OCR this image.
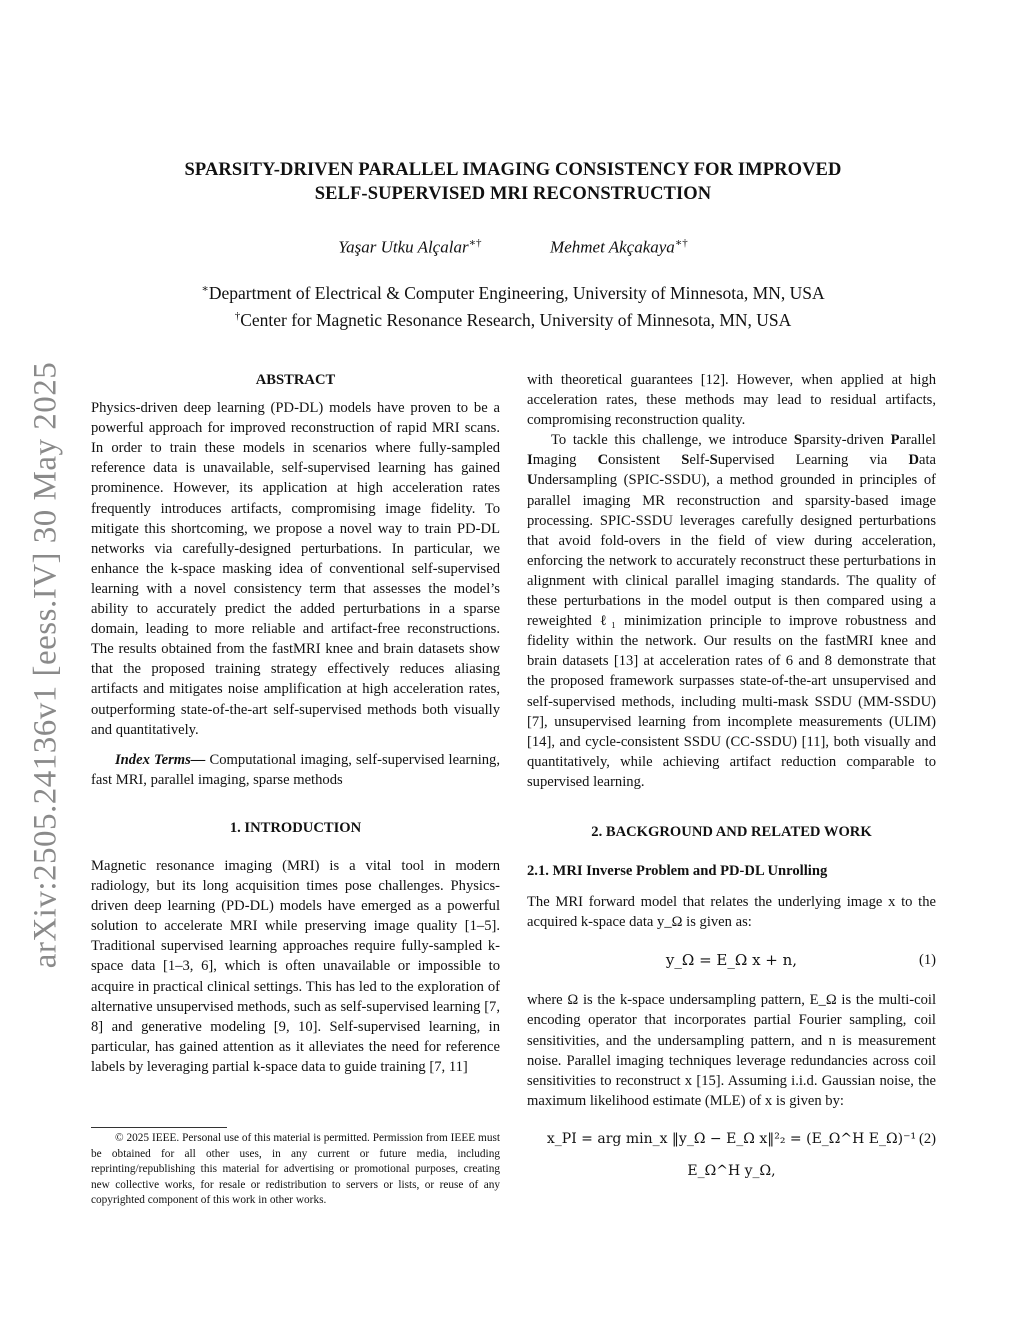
arXiv:2505.24136v1 [eess.IV] 30 May 2025
SPARSITY-DRIVEN PARALLEL IMAGING CONSISTENCY FOR IMPROVED
SELF-SUPERVISED MRI RECONSTRUCTION
Yaşar Utku Alçalar∗†	Mehmet Akçakaya∗†
∗Department of Electrical & Computer Engineering, University of Minnesota, MN, USA
†Center for Magnetic Resonance Research, University of Minnesota, MN, USA

ABSTRACT

Physics-driven deep learning (PD-DL) models have proven to be a powerful approach for improved reconstruction of rapid MRI scans. In order to train these models in scenarios where fully-sampled reference data is unavailable, self-supervised learning has gained prominence. However, its application at high acceleration rates frequently introduces artifacts, compromising image fidelity. To mitigate this shortcoming, we propose a novel way to train PD-DL networks via carefully-designed perturbations. In particular, we enhance the k-space masking idea of conventional self-supervised learning with a novel consistency term that assesses the model’s ability to accurately predict the added perturbations in a sparse domain, leading to more reliable and artifact-free reconstructions. The results obtained from the fastMRI knee and brain datasets show that the proposed training strategy effectively reduces aliasing artifacts and mitigates noise amplification at high acceleration rates, outperforming state-of-the-art self-supervised methods both visually and quantitatively.

Index Terms— Computational imaging, self-supervised learning, fast MRI, parallel imaging, sparse methods

1. INTRODUCTION

Magnetic resonance imaging (MRI) is a vital tool in modern radiology, but its long acquisition times pose challenges. Physics-driven deep learning (PD-DL) models have emerged as a powerful solution to accelerate MRI while preserving image quality [1–5]. Traditional supervised learning approaches require fully-sampled k-space data [1–3, 6], which is often unavailable or impossible to acquire in practical clinical settings. This has led to the exploration of alternative unsupervised methods, such as self-supervised learning [7, 8] and generative modeling [9, 10]. Self-supervised learning, in particular, has gained attention as it alleviates the need for reference labels by leveraging partial k-space data to guide training [7, 11]

© 2025 IEEE. Personal use of this material is permitted. Permission from IEEE must be obtained for all other uses, in any current or future media, including reprinting/republishing this material for advertising or promotional purposes, creating new collective works, for resale or redistribution to servers or lists, or reuse of any copyrighted component of this work in other works.

with theoretical guarantees [12]. However, when applied at high acceleration rates, these methods may lead to residual artifacts, compromising reconstruction quality.

To tackle this challenge, we introduce Sparsity-driven Parallel Imaging Consistent Self-Supervised Learning via Data Undersampling (SPIC-SSDU), a method grounded in principles of parallel imaging MR reconstruction and sparsity-based image processing. SPIC-SSDU leverages carefully designed perturbations that avoid fold-overs in the field of view during acceleration, enforcing the network to accurately reconstruct these perturbations in alignment with clinical parallel imaging standards. The quality of these perturbations in the model output is then compared using a reweighted ℓ₁ minimization principle to improve robustness and fidelity within the network. Our results on the fastMRI knee and brain datasets [13] at acceleration rates of 6 and 8 demonstrate that the proposed framework surpasses state-of-the-art unsupervised and self-supervised methods, including multi-mask SSDU (MM-SSDU) [7], unsupervised learning from incomplete measurements (ULIM) [14], and cycle-consistent SSDU (CC-SSDU) [11], both visually and quantitatively, while achieving artifact reduction comparable to supervised learning.

2. BACKGROUND AND RELATED WORK

2.1. MRI Inverse Problem and PD-DL Unrolling

The MRI forward model that relates the underlying image x to the acquired k-space data y_Ω is given as:

y_Ω = E_Ω x + n,	(1)

where Ω is the k-space undersampling pattern, E_Ω is the multi-coil encoding operator that incorporates partial Fourier sampling, coil sensitivities, and the undersampling pattern, and n is measurement noise. Parallel imaging techniques leverage redundancies across coil sensitivities to reconstruct x [15]. Assuming i.i.d. Gaussian noise, the maximum likelihood estimate (MLE) of x is given by:

x_PI = arg min_x ‖y_Ω − E_Ω x‖²₂ = (E_Ω^H E_Ω)⁻¹ E_Ω^H y_Ω,
(2)
